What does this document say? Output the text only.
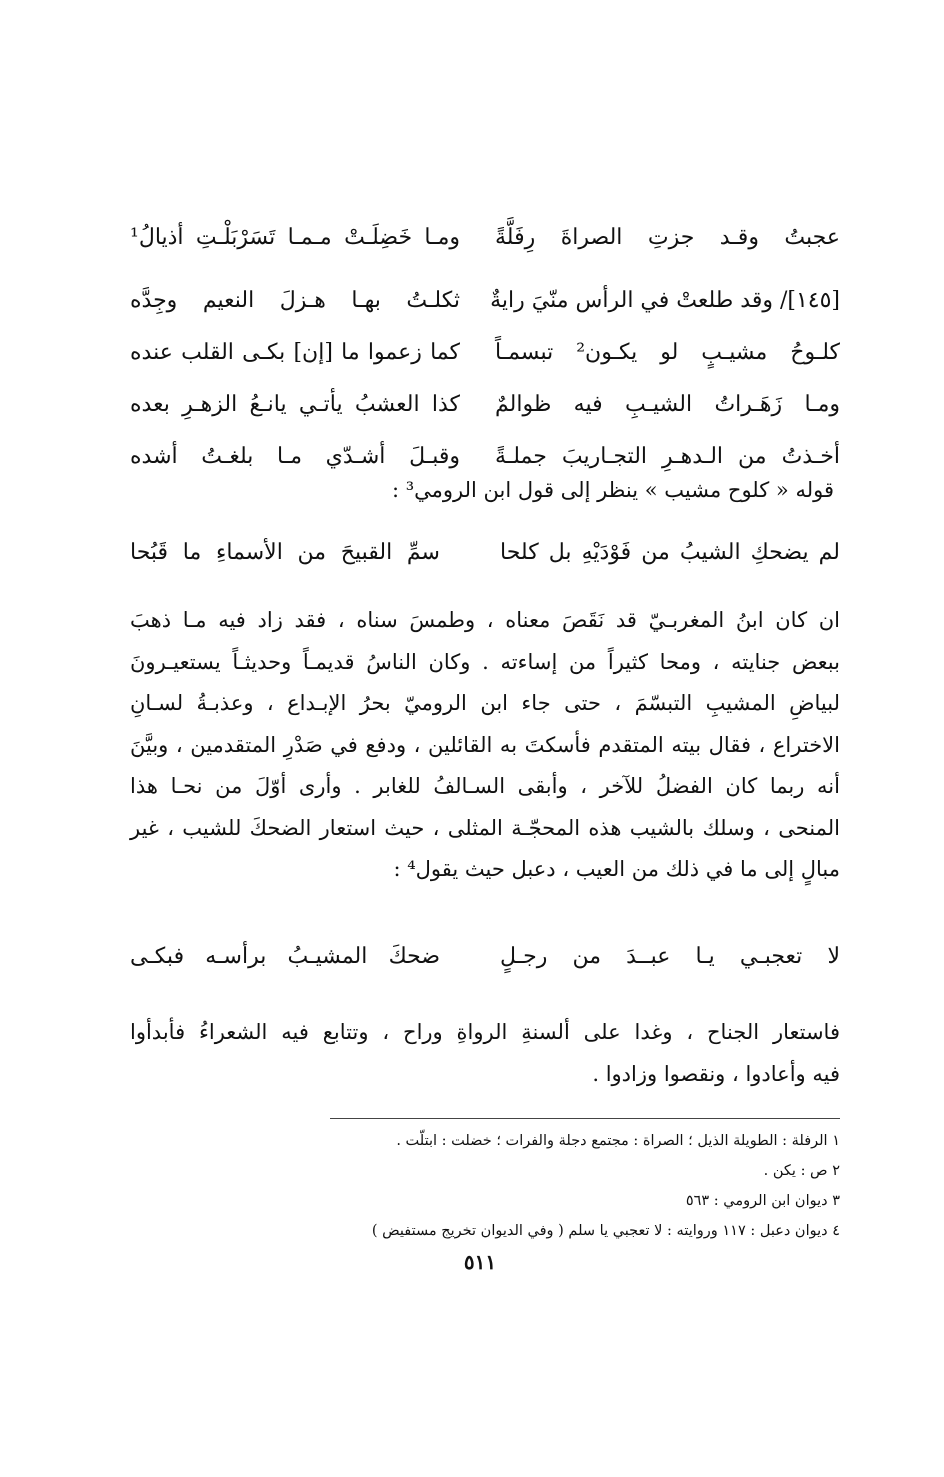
عجبتُ وقـد جزتِ الصراةَ رِفَلَّةً
ومـا خَضِلَـتْ مـمـا تَسَرْبَلْـتِ أذيالُ¹
[١٤٥]/ وقد طلعتْ في الرأس منّيَ رايةٌ
ثكلـتُ بهـا هـزلَ النعيم وجِدَّه
كلـوحُ مشيـبٍ لو يكـون² تبسمـاً
كما زعموا ما [إن] بكـى القلب عنده
ومـا زَهَـراتُ الشيـبِ فيه ظوالمٌ
كذا العشبُ يأتـي يانـعُ الزهـرِ بعده
أخـذتُ من الـدهـرِ التجـاريبَ جملـةً
وقبـلَ أشـدّي مـا بلغـتُ أشده
قوله « كلوح مشيب » ينظر إلى قول ابن الرومي³ :
لم يضحكِ الشيبُ من فَوْدَيْهِ بل كلحا
سمِّ القبيحَ من الأسماءِ ما قَبُحا
ان كان ابنُ المغربـيّ قد نَقَصَ معناه ، وطمسَ سناه ، فقد زاد فيه مـا ذهبَ
ببعض جنايته ، ومحا كثيراً من إساءته . وكان الناسُ قديمـاً وحديثـاً يستعيـرونَ
لبياضِ المشيبِ التبسّمَ ، حتى جاء ابن الروميّ بحرُ الإبـداع ، وعذبـةُ لسـانِ
الاختراع ، فقال بيته المتقدم فأسكتَ به القائلين ، ودفع في صَدْرِ المتقدمين ، وبيَّنَ
أنه ربما كان الفضلُ للآخر ، وأبقى السـالفُ للغابر . وأرى أوّلَ من نحـا هذا
المنحى ، وسلك بالشيب هذه المحجّـة المثلى ، حيث استعار الضحكَ للشيب ، غير
مبالٍ إلى ما في ذلك من العيب ، دعبل حيث يقول⁴ :
لا تعجبـي يـا عبــدَ من رجـلٍ
ضحكَ المشيـبُ برأسـه فبكـى
فاستعار الجناح ، وغدا على ألسنةِ الرواةِ وراح ، وتتابع فيه الشعراءُ فأبدأوا
فيه وأعادوا ، ونقصوا وزادوا .
١ الرفلة : الطويلة الذيل ؛ الصراة : مجتمع دجلة والفرات ؛ خضلت : ابتلّت .
٢ ص : يكن .
٣ ديوان ابن الرومي : ٥٦٣
٤ ديوان دعبل : ١١٧ وروايته : لا تعجبي يا سلم ( وفي الديوان تخريج مستفيض )
٥١١
